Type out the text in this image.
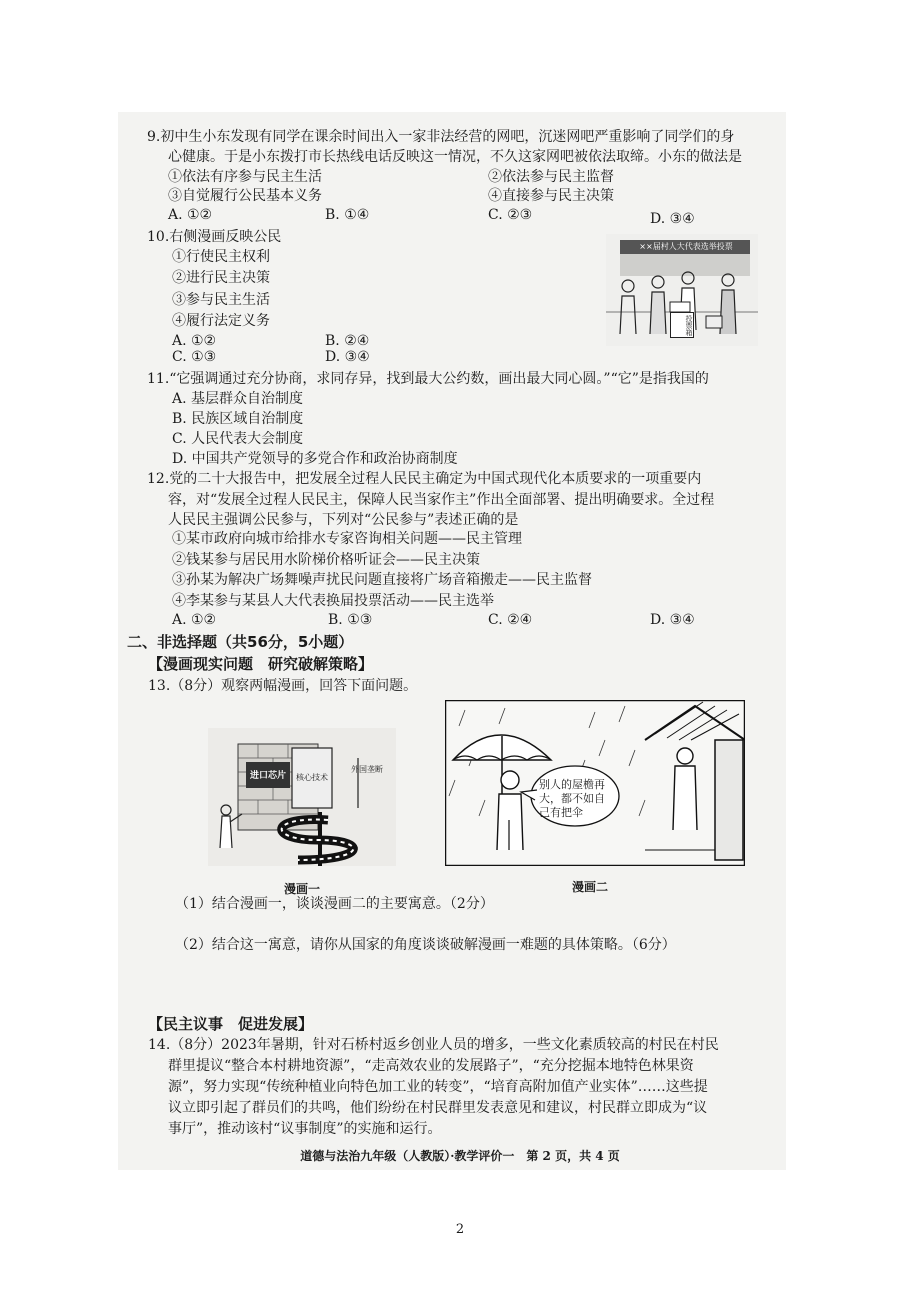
9.初中生小东发现有同学在课余时间出入一家非法经营的网吧，沉迷网吧严重影响了同学们的身
心健康。于是小东拨打市长热线电话反映这一情况，不久这家网吧被依法取缔。小东的做法是
①依法有序参与民主生活	②依法参与民主监督
③自觉履行公民基本义务	④直接参与民主决策
A. ①②	B. ①④	C. ②③	D. ③④
10.右侧漫画反映公民
①行使民主权利
②进行民主决策
③参与民主生活
④履行法定义务
A. ①②	B. ②④
C. ①③	D. ③④
××届村人大代表选举投票
投票箱
11.“它强调通过充分协商，求同存异，找到最大公约数，画出最大同心圆。”“它”是指我国的
A. 基层群众自治制度
B. 民族区域自治制度
C. 人民代表大会制度
D. 中国共产党领导的多党合作和政治协商制度
12.党的二十大报告中，把发展全过程人民民主确定为中国式现代化本质要求的一项重要内
容，对“发展全过程人民民主，保障人民当家作主”作出全面部署、提出明确要求。全过程
人民民主强调公民参与，下列对“公民参与”表述正确的是
①某市政府向城市给排水专家咨询相关问题——民主管理
②钱某参与居民用水阶梯价格听证会——民主决策
③孙某为解决广场舞噪声扰民问题直接将广场音箱搬走——民主监督
④李某参与某县人大代表换届投票活动——民主选举
A. ①②	B. ①③	C. ②④	D. ③④
二、非选择题（共56分，5小题）
【漫画现实问题　研究破解策略】
13.（8分）观察两幅漫画，回答下面问题。
进口芯片 核心技术
外国垄断
别人的屋檐再
大，都不如自
己有把伞
漫画一	漫画二
（1）结合漫画一，谈谈漫画二的主要寓意。（2分）
（2）结合这一寓意，请你从国家的角度谈谈破解漫画一难题的具体策略。（6分）
【民主议事　促进发展】
14.（8分）2023年暑期，针对石桥村返乡创业人员的增多，一些文化素质较高的村民在村民
群里提议“整合本村耕地资源”，“走高效农业的发展路子”，“充分挖掘本地特色林果资
源”，努力实现“传统种植业向特色加工业的转变”，“培育高附加值产业实体”……这些提
议立即引起了群员们的共鸣，他们纷纷在村民群里发表意见和建议，村民群立即成为“议
事厅”，推动该村“议事制度”的实施和运行。
道德与法治九年级（人教版）·教学评价一　第 2 页，共 4 页
2
